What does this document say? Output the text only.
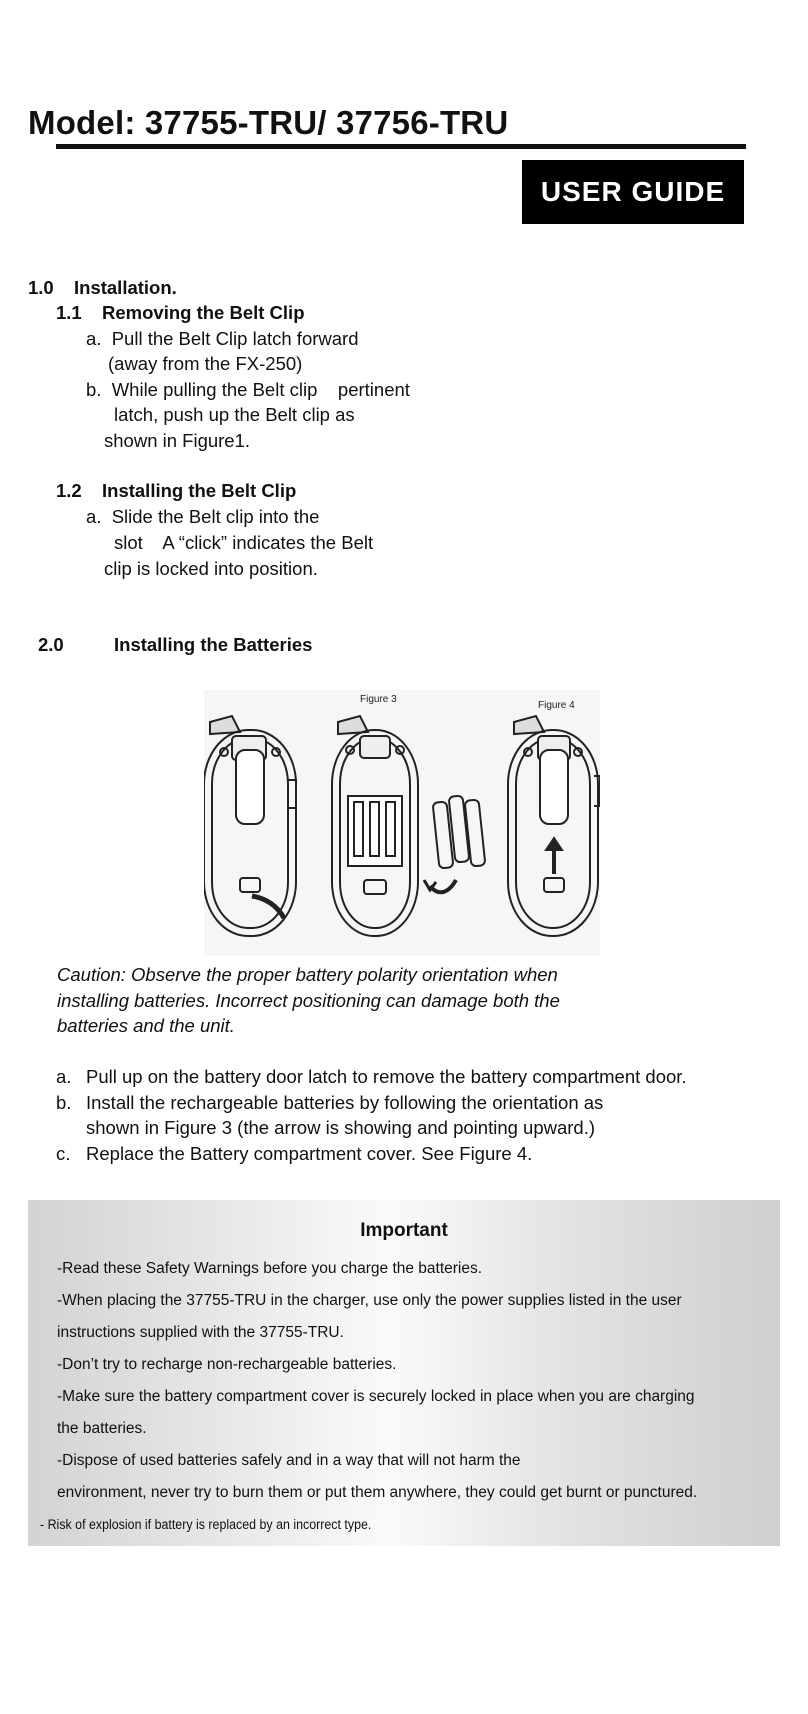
Model: 37755-TRU/ 37756-TRU
USER GUIDE
1.0 Installation.
1.1 Removing the Belt Clip
a.  Pull the Belt Clip latch forward
(away from the FX-250)
b.  While pulling the Belt clip    pertinent
latch, push up the Belt clip as
shown in Figure1.
1.2 Installing the Belt Clip
a.  Slide the Belt clip into the
slot    A “click” indicates the Belt
clip is locked into position.
2.0	Installing the Batteries
Figure 3
Figure 4
Caution: Observe the proper battery polarity orientation when
installing batteries. Incorrect positioning can damage both the
batteries and the unit.
a. Pull up on the battery door latch to remove the battery compartment door.
b. Install the rechargeable batteries by following the orientation as
shown in Figure 3 (the arrow is showing and pointing upward.)
c. Replace the Battery compartment cover. See Figure 4.
Important
-Read these Safety Warnings before you charge the batteries.
-When placing the 37755-TRU in the charger, use only the power supplies listed in the user
instructions supplied with the 37755-TRU.
-Don’t try to recharge non-rechargeable batteries.
-Make sure the battery compartment cover is securely locked in place when you are charging
the batteries.
-Dispose of used batteries safely and in a way that will not harm the
environment, never try to burn them or put them anywhere, they could get burnt or punctured.
- Risk of explosion if battery is replaced by an incorrect type.
